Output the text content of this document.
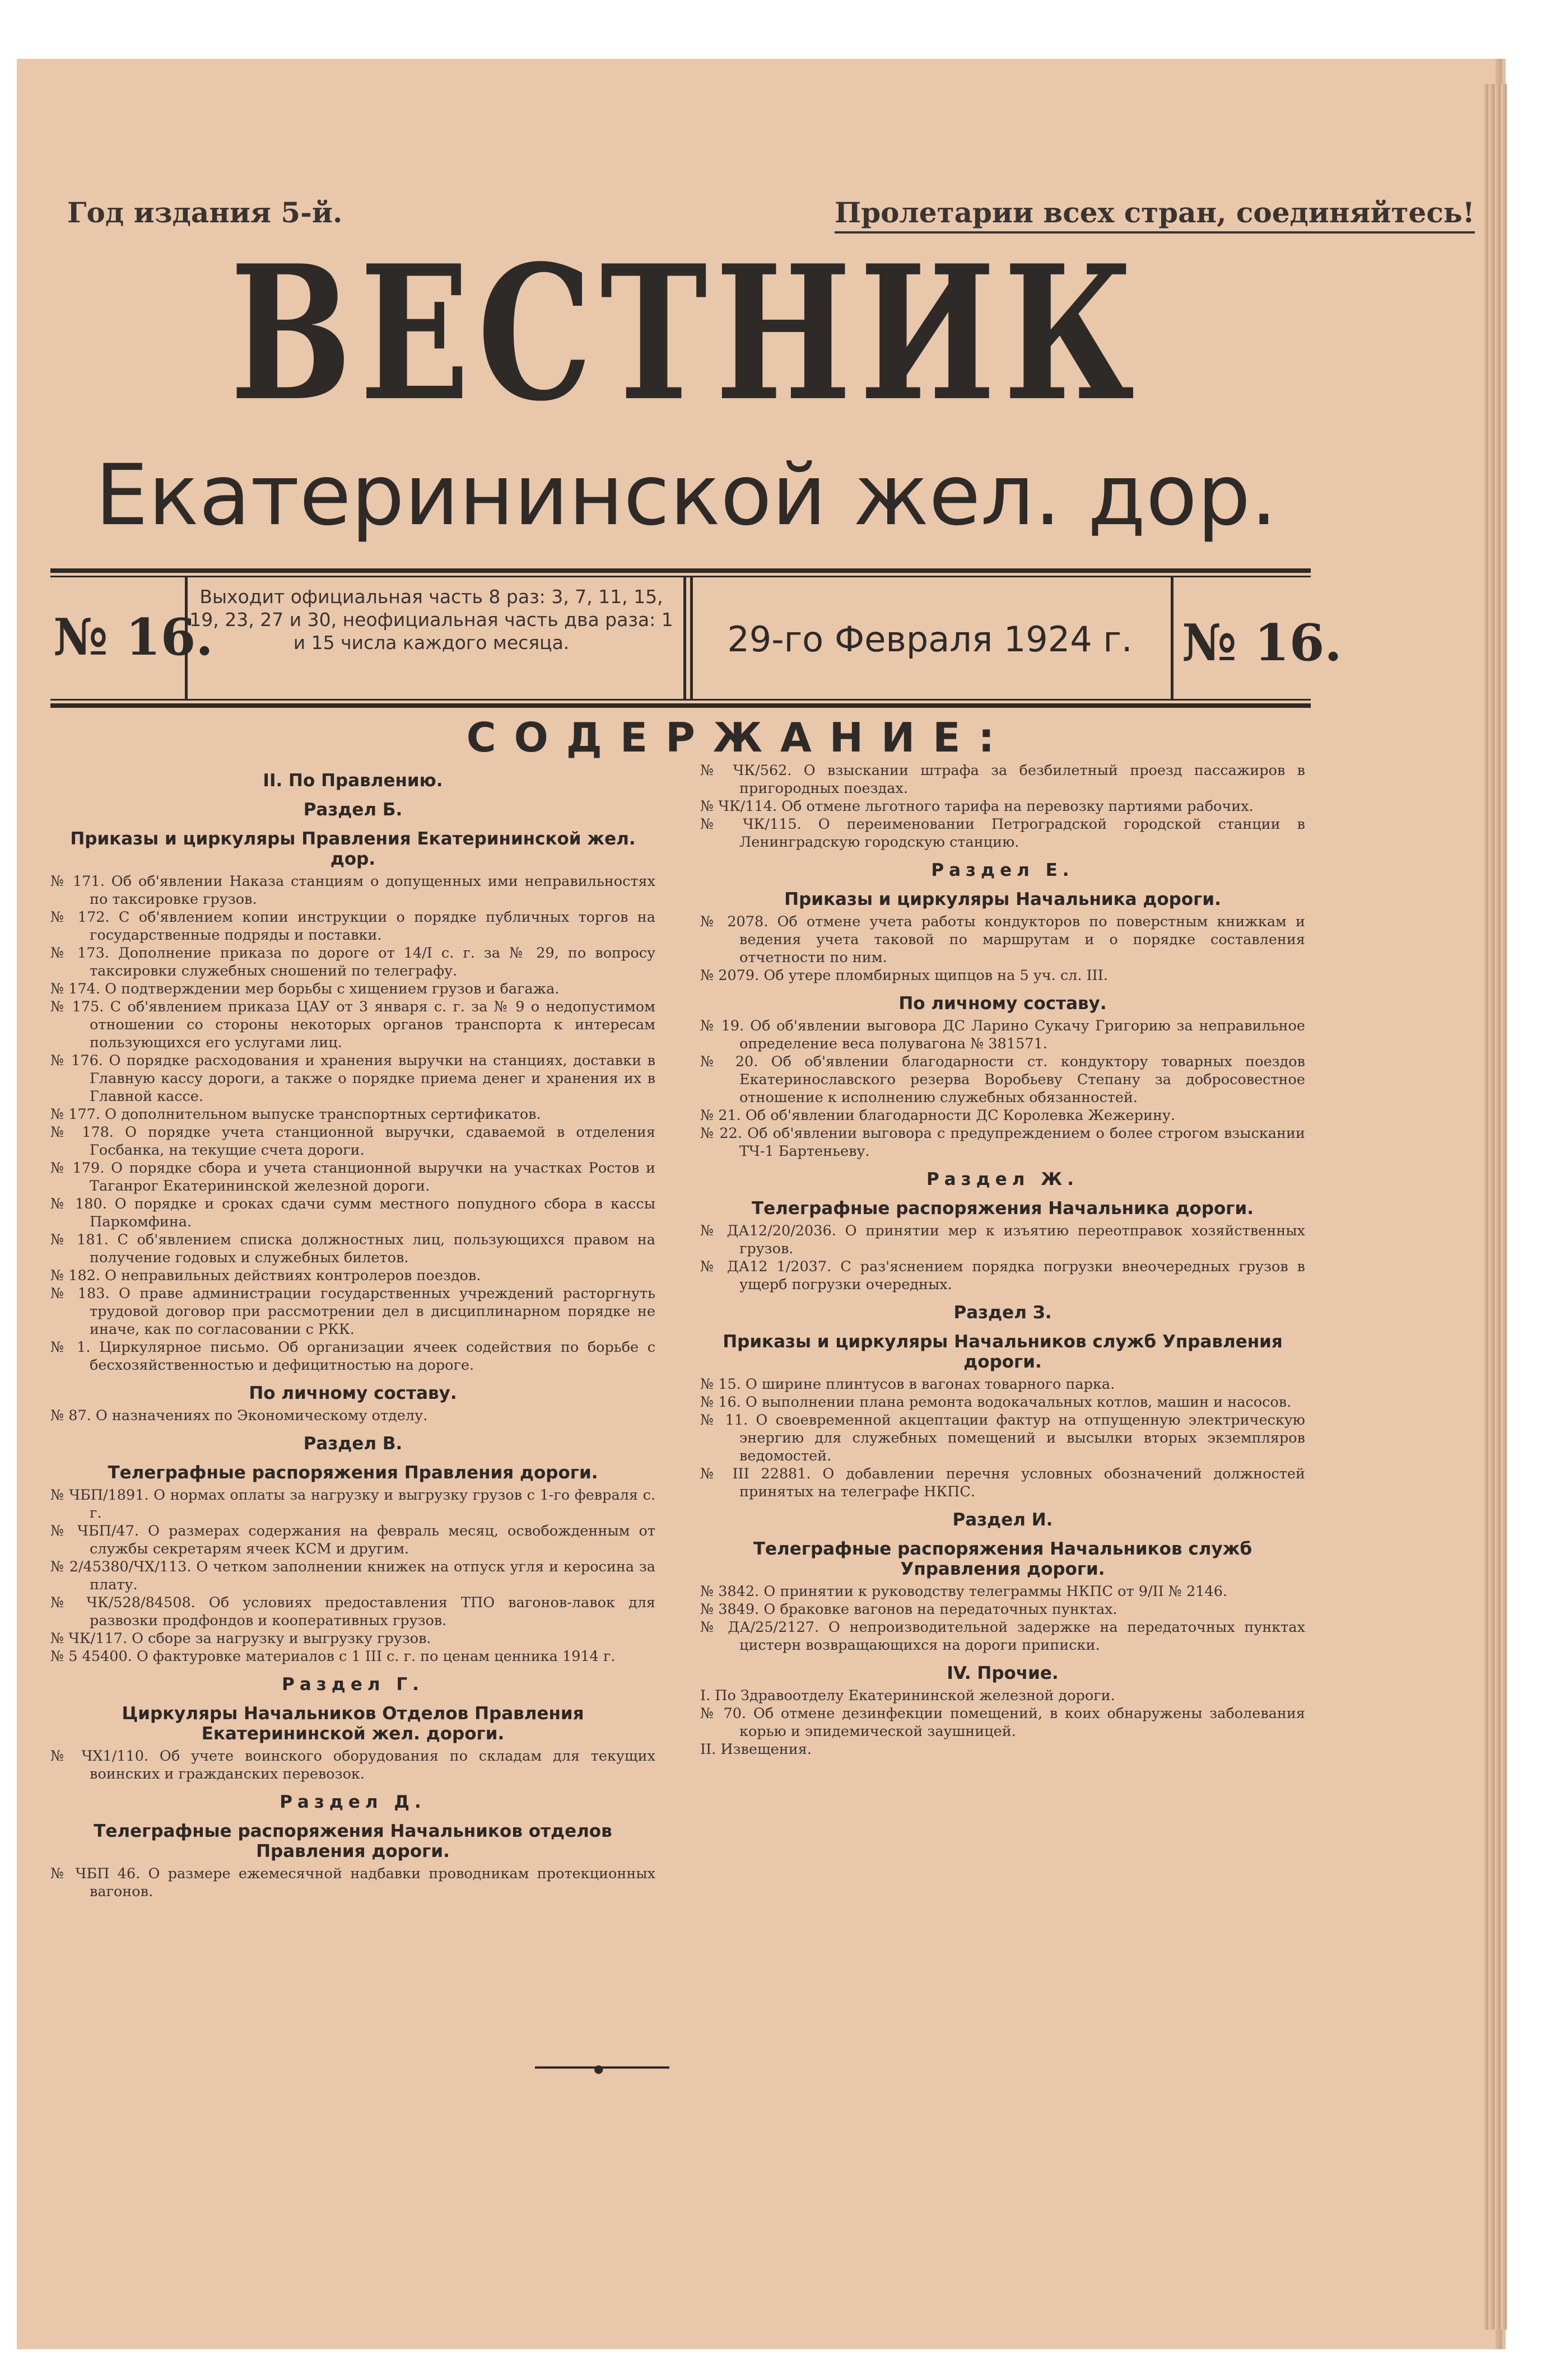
Год издания 5-й.	Пролетарии всех стран, соединяйтесь!
ВЕСТНИК
Екатерининской жел. дор.
№ 16.
Выходит официальная часть 8 раз: 3, 7, 11, 15, 19, 23, 27 и 30, неофициальная часть два раза: 1 и 15 числа каждого месяца.	29-го Февраля 1924 г. № 16.
СОДЕРЖАНИЕ:
II. По Правлению.
Раздел Б.
Приказы и циркуляры Правления Екатерининской жел. дор.
№ 171. Об об'явлении Наказа станциям о допущенных ими неправильностях по таксировке грузов.
№ 172. С об'явлением копии инструкции о порядке публичных торгов на государственные подряды и поставки.
№ 173. Дополнение приказа по дороге от 14/I с. г. за № 29, по вопросу таксировки служебных сношений по телеграфу.
№ 174. О подтверждении мер борьбы с хищением грузов и багажа.
№ 175. С об'явлением приказа ЦАУ от 3 января с. г. за № 9 о недопустимом отношении со стороны некоторых органов транспорта к интересам пользующихся его услугами лиц.
№ 176. О порядке расходования и хранения выручки на станциях, доставки в Главную кассу дороги, а также о порядке приема денег и хранения их в Главной кассе.
№ 177. О дополнительном выпуске транспортных сертификатов.
№ 178. О порядке учета станционной выручки, сдаваемой в отделения Госбанка, на текущие счета дороги.
№ 179. О порядке сбора и учета станционной выручки на участках Ростов и Таганрог Екатерининской железной дороги.
№ 180. О порядке и сроках сдачи сумм местного попудного сбора в кассы Паркомфина.
№ 181. С об'явлением списка должностных лиц, пользующихся правом на получение годовых и служебных билетов.
№ 182. О неправильных действиях контролеров поездов.
№ 183. О праве администрации государственных учреждений расторгнуть трудовой договор при рассмотрении дел в дисциплинарном порядке не иначе, как по согласовании с РКК.
№ 1. Циркулярное письмо. Об организации ячеек содействия по борьбе с бесхозяйственностью и дефицитностью на дороге.
По личному составу.
№ 87. О назначениях по Экономическому отделу.
Раздел В.
Телеграфные распоряжения Правления дороги.
№ ЧБП/1891. О нормах оплаты за нагрузку и выгрузку грузов с 1-го февраля с. г.
№ ЧБП/47. О размерах содержания на февраль месяц, освобожденным от службы секретарям ячеек КСМ и другим.
№ 2/45380/ЧХ/113. О четком заполнении книжек на отпуск угля и керосина за плату.
№ ЧК/528/84508. Об условиях предоставления ТПО вагонов-лавок для развозки продфондов и кооперативных грузов.
№ ЧК/117. О сборе за нагрузку и выгрузку грузов.
№ 5 45400. О фактуровке материалов с 1 III с. г. по ценам ценника 1914 г.
Раздел Г.
Циркуляры Начальников Отделов Правления Екатерининской жел. дороги.
№ ЧХ1/110. Об учете воинского оборудования по складам для текущих воинских и гражданских перевозок.
Раздел Д.
Телеграфные распоряжения Начальников отделов Правления дороги.
№ ЧБП 46. О размере ежемесячной надбавки проводникам протекционных вагонов.
№ ЧК/562. О взыскании штрафа за безбилетный проезд пассажиров в пригородных поездах.
№ ЧК/114. Об отмене льготного тарифа на перевозку партиями рабочих.
№ ЧК/115. О переименовании Петроградской городской станции в Ленинградскую городскую станцию.
Раздел Е.
Приказы и циркуляры Начальника дороги.
№ 2078. Об отмене учета работы кондукторов по поверстным книжкам и ведения учета таковой по маршрутам и о порядке составления отчетности по ним.
№ 2079. Об утере пломбирных щипцов на 5 уч. сл. III.
По личному составу.
№ 19. Об об'явлении выговора ДС Ларино Сукачу Григорию за неправильное определение веса полувагона № 381571.
№ 20. Об об'явлении благодарности ст. кондуктору товарных поездов Екатеринославского резерва Воробьеву Степану за добросовестное отношение к исполнению служебных обязанностей.
№ 21. Об об'явлении благодарности ДС Королевка Жежерину.
№ 22. Об об'явлении выговора с предупреждением о более строгом взыскании ТЧ-1 Бартеньеву.
Раздел Ж.
Телеграфные распоряжения Начальника дороги.
№ ДА12/20/2036. О принятии мер к изъятию переотправок хозяйственных грузов.
№ ДА12 1/2037. С раз'яснением порядка погрузки внеочередных грузов в ущерб погрузки очередных.
Раздел З.
Приказы и циркуляры Начальников служб Управления дороги.
№ 15. О ширине плинтусов в вагонах товарного парка.
№ 16. О выполнении плана ремонта водокачальных котлов, машин и насосов.
№ 11. О своевременной акцептации фактур на отпущенную электрическую энергию для служебных помещений и высылки вторых экземпляров ведомостей.
№ III 22881. О добавлении перечня условных обозначений должностей принятых на телеграфе НКПС.
Раздел И.
Телеграфные распоряжения Начальников служб Управления дороги.
№ 3842. О принятии к руководству телеграммы НКПС от 9/II № 2146.
№ 3849. О браковке вагонов на передаточных пунктах.
№ ДА/25/2127. О непроизводительной задержке на передаточных пунктах цистерн возвращающихся на дороги приписки.
IV. Прочие.
I. По Здравоотделу Екатерининской железной дороги.
№ 70. Об отмене дезинфекции помещений, в коих обнаружены заболевания корью и эпидемической заушницей.
II. Извещения.
●
